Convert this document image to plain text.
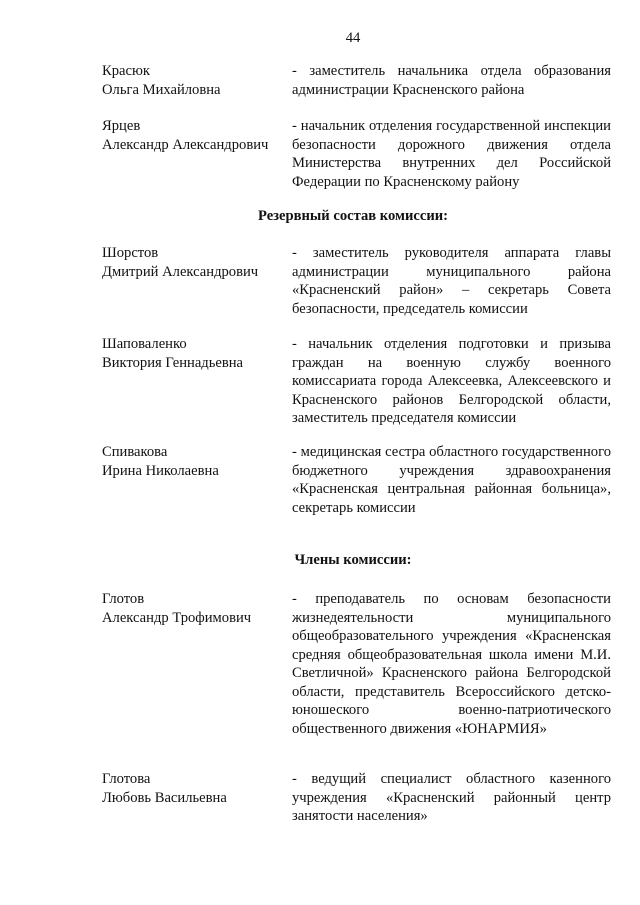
44
Красюк
Ольга Михайловна
- заместитель начальника отдела образования администрации Красненского района
Ярцев
Александр Александрович
- начальник отделения государственной инспекции безопасности дорожного движения отдела Министерства внутренних дел Российской Федерации по Красненскому району
Резервный состав комиссии:
Шорстов
Дмитрий Александрович
- заместитель руководителя аппарата главы администрации муниципального района «Красненский район» – секретарь Совета безопасности, председатель комиссии
Шаповаленко
Виктория Геннадьевна
- начальник отделения подготовки и призыва граждан на военную службу военного комиссариата города Алексеевка, Алексеевского и Красненского районов Белгородской области, заместитель председателя комиссии
Спивакова
Ирина Николаевна
- медицинская сестра областного государственного бюджетного учреждения здравоохранения «Красненская центральная районная больница», секретарь комиссии
Члены комиссии:
Глотов
Александр Трофимович
- преподаватель по основам безопасности жизнедеятельности муниципального общеобразовательного учреждения «Красненская средняя общеобразовательная школа имени М.И. Светличной» Красненского района Белгородской области, представитель Всероссийского детско-юношеского военно-патриотического общественного движения «ЮНАРМИЯ»
Глотова
Любовь Васильевна
- ведущий специалист областного казенного учреждения «Красненский районный центр занятости населения»
